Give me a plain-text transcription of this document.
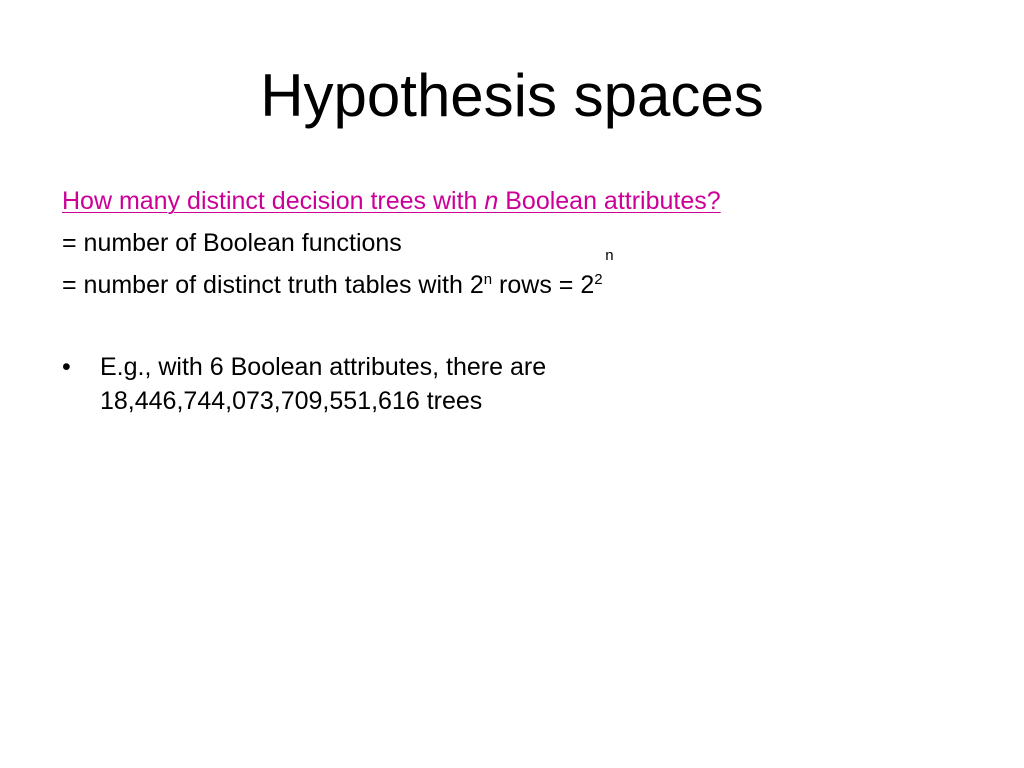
Hypothesis spaces
How many distinct decision trees with n Boolean attributes?
= number of Boolean functions
= number of distinct truth tables with 2$^n$ rows = $2^2$
n
• E.g., with 6 Boolean attributes, there are 18,446,744,073,709,551,616 trees
